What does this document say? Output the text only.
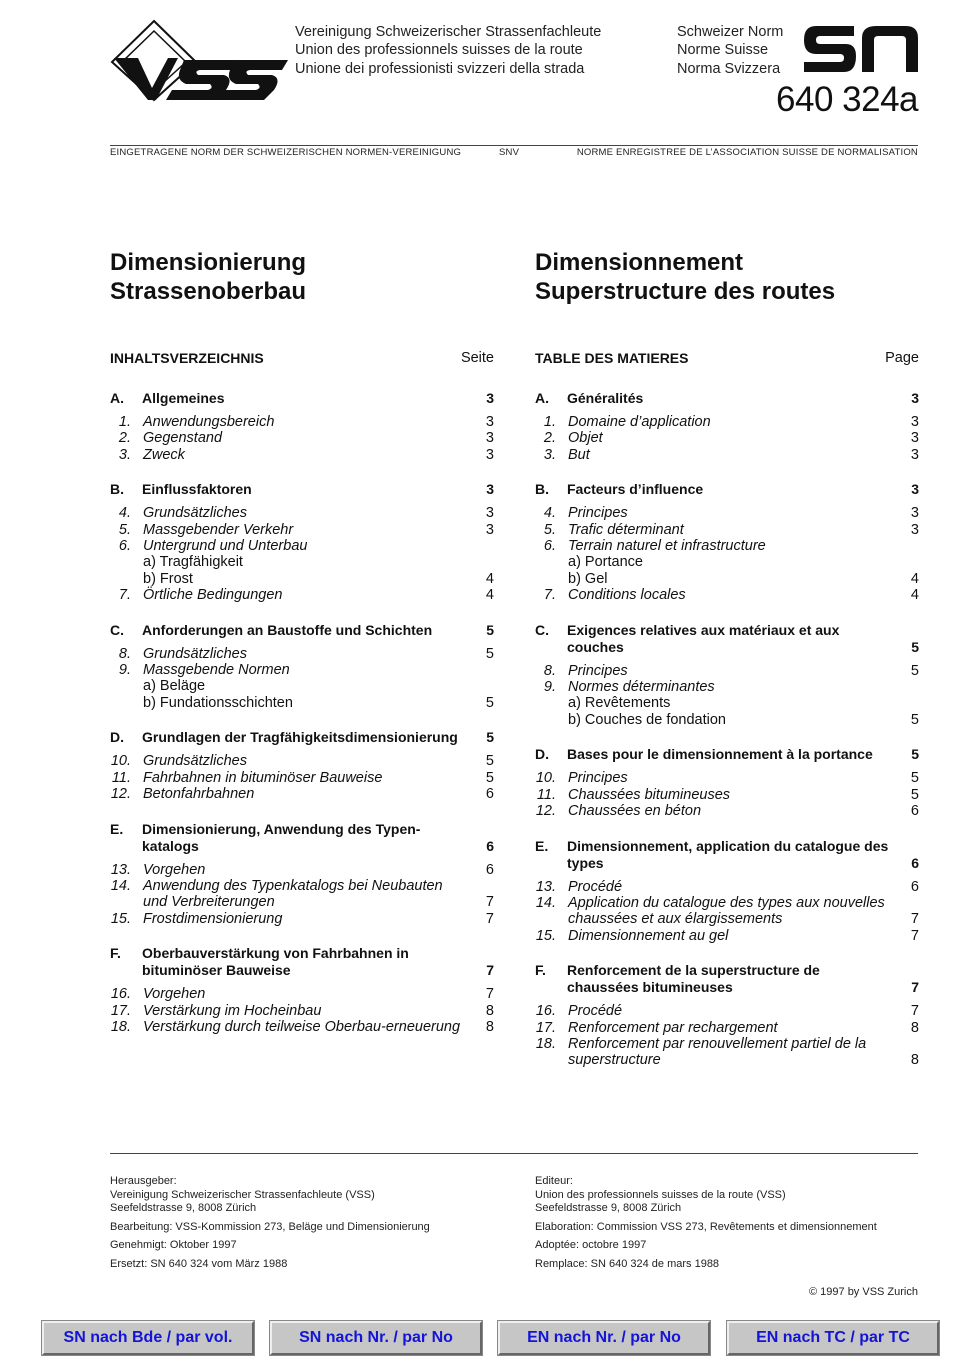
Vereinigung Schweizerischer Strassenfachleute
Union des professionnels suisses de la route
Unione dei professionisti svizzeri della strada
Schweizer Norm
Norme Suisse
Norma Svizzera
640 324a
EINGETRAGENE NORM DER SCHWEIZERISCHEN NORMEN-VEREINIGUNG	SNV	NORME ENREGISTREE DE L’ASSOCIATION SUISSE DE NORMALISATION
Dimensionierung
Strassenoberbau
Dimensionnement
Superstructure des routes
INHALTSVERZEICHNIS	Seite
A.	Allgemeines	3
1. Anwendungsbereich	3
2. Gegenstand	3
3. Zweck	3
B.	Einflussfaktoren	3
4. Grundsätzliches	3
5. Massgebender Verkehr	3
6. Untergrund und Unterbau
a) Tragfähigkeit
b) Frost	4
7. Örtliche Bedingungen	4
C.	Anforderungen an Baustoffe und Schichten	5
8. Grundsätzliches	5
9. Massgebende Normen
a) Beläge
b) Fundationsschichten	5
D.	Grundlagen der Tragfähigkeitsdimensionierung	5
10. Grundsätzliches	5
11. Fahrbahnen in bituminöser Bauweise	5
12. Betonfahrbahnen	6
E.	Dimensionierung, Anwendung des Typen-katalogs	6
13. Vorgehen	6
14. Anwendung des Typenkatalogs bei Neubauten und Verbreiterungen	7
15. Frostdimensionierung	7
F.	Oberbauverstärkung von Fahrbahnen in bituminöser Bauweise	7
16. Vorgehen	7
17. Verstärkung im Hocheinbau	8
18. Verstärkung durch teilweise Oberbau-erneuerung	8
TABLE DES MATIERES	Page
A.	Généralités	3
1. Domaine d’application	3
2. Objet	3
3. But	3
B.	Facteurs d’influence	3
4. Principes	3
5. Trafic déterminant	3
6. Terrain naturel et infrastructure
a) Portance
b) Gel	4
7. Conditions locales	4
C.	Exigences relatives aux matériaux et aux couches	5
8. Principes	5
9. Normes déterminantes
a) Revêtements
b) Couches de fondation	5
D.	Bases pour le dimensionnement à la portance	5
10. Principes	5
11. Chaussées bitumineuses	5
12. Chaussées en béton	6
E.	Dimensionnement, application du catalogue des types	6
13. Procédé	6
14. Application du catalogue des types aux nouvelles chaussées et aux élargissements	7
15. Dimensionnement au gel	7
F.	Renforcement de la superstructure de chaussées bitumineuses	7
16. Procédé	7
17. Renforcement par rechargement	8
18. Renforcement par renouvellement partiel de la superstructure	8

Herausgeber:
Vereinigung Schweizerischer Strassenfachleute (VSS)
Seefeldstrasse 9, 8008 Zürich

Bearbeitung: VSS-Kommission 273, Beläge und Dimensionierung

Genehmigt: Oktober 1997

Ersetzt: SN 640 324 vom März 1988

Editeur:
Union des professionnels suisses de la route (VSS)
Seefeldstrasse 9, 8008 Zürich

Elaboration: Commission VSS 273, Revêtements et dimensionnement

Adoptée: octobre 1997

Remplace: SN 640 324 de mars 1988

© 1997 by VSS Zurich
SN nach Bde / par vol.	SN nach Nr. / par No	EN nach Nr. / par No	EN nach TC / par TC
